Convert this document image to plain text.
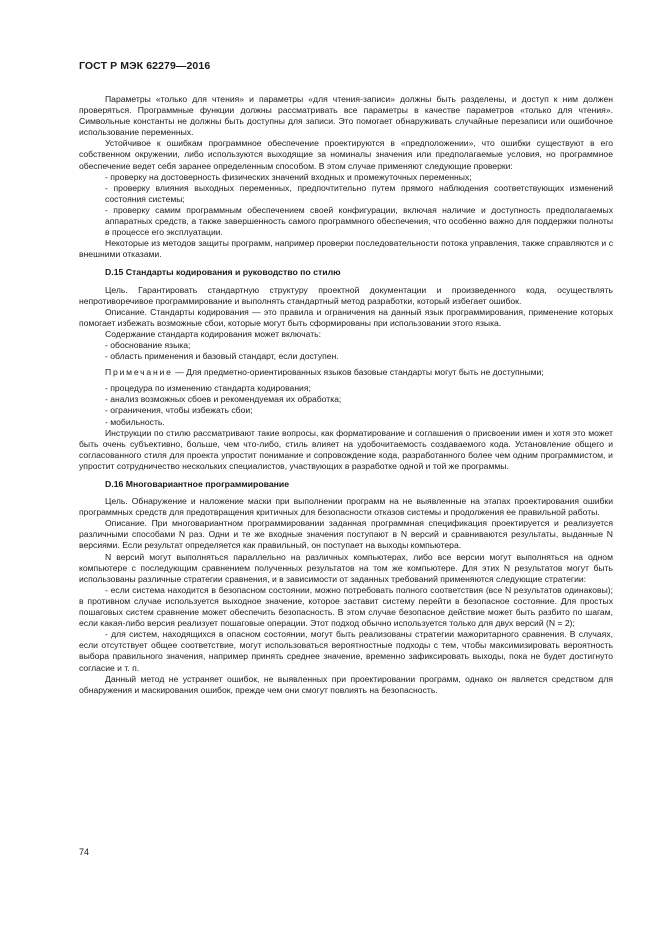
ГОСТ Р МЭК 62279—2016

Параметры «только для чтения» и параметры «для чтения-записи» должны быть разделены, и доступ к ним должен проверяться. Программные функции должны рассматривать все параметры в качестве параметров «только для чтения». Символьные константы не должны быть доступны для записи. Это помогает обнаруживать случайные перезаписи или ошибочное использование переменных.

Устойчивое к ошибкам программное обеспечение проектируются в «предположении», что ошибки существуют в его собственном окружении, либо используются выходящие за номиналы значения или предполагаемые условия, но программное обеспечение ведет себя заранее определенным способом. В этом случае применяют следующие проверки:

- проверку на достоверность физических значений входных и промежуточных переменных;

- проверку влияния выходных переменных, предпочтительно путем прямого наблюдения соответствующих изменений состояния системы;

- проверку самим программным обеспечением своей конфигурации, включая наличие и доступность предполагаемых аппаратных средств, а также завершенность самого программного обеспечения, что особенно важно для поддержки полноты в процессе его эксплуатации.

Некоторые из методов защиты программ, например проверки последовательности потока управления, также справляются и с внешними отказами.

D.15 Стандарты кодирования и руководство по стилю

Цель. Гарантировать стандартную структуру проектной документации и произведенного кода, осуществлять непротиворечивое программирование и выполнять стандартный метод разработки, который избегает ошибок.

Описание. Стандарты кодирования — это правила и ограничения на данный язык программирования, применение которых помогает избежать возможные сбои, которые могут быть сформированы при использовании этого языка.

Содержание стандарта кодирования может включать:

- обоснование языка;

- область применения и базовый стандарт, если доступен.

Примечание — Для предметно-ориентированных языков базовые стандарты могут быть не доступными;

- процедура по изменению стандарта кодирования;

- анализ возможных сбоев и рекомендуемая их обработка;

- ограничения, чтобы избежать сбои;

- мобильность.

Инструкции по стилю рассматривают такие вопросы, как форматирование и соглашения о присвоении имен и хотя это может быть очень субъективно, больше, чем что-либо, стиль влияет на удобочитаемость создаваемого кода. Установление общего и согласованного стиля для проекта упростит понимание и сопровождение кода, разработанного более чем одним программистом, и упростит сотрудничество нескольких специалистов, участвующих в разработке одной и той же программы.

D.16 Многовариантное программирование

Цель. Обнаружение и наложение маски при выполнении программ на не выявленные на этапах проектирования ошибки программных средств для предотвращения критичных для безопасности отказов системы и продолжения ее правильной работы.

Описание. При многовариантном программировании заданная программная спецификация проектируется и реализуется различными способами N раз. Одни и те же входные значения поступают в N версий и сравниваются результаты, выданные N версиями. Если результат определяется как правильный, он поступает на выходы компьютера.

N версий могут выполняться параллельно на различных компьютерах, либо все версии могут выполняться на одном компьютере с последующим сравнением полученных результатов на том же компьютере. Для этих N результатов могут быть использованы различные стратегии сравнения, и в зависимости от заданных требований применяются следующие стратегии:

- если система находится в безопасном состоянии, можно потребовать полного соответствия (все N результатов одинаковы); в противном случае используется выходное значение, которое заставит систему перейти в безопасное состояние. Для простых пошаговых систем сравнение может обеспечить безопасность. В этом случае безопасное действие может быть разбито по шагам, если какая-либо версия реализует пошаговые операции. Этот подход обычно используется только для двух версий (N = 2);

- для систем, находящихся в опасном состоянии, могут быть реализованы стратегии мажоритарного сравнения. В случаях, если отсутствует общее соответствие, могут использоваться вероятностные подходы с тем, чтобы максимизировать вероятность выбора правильного значения, например принять среднее значение, временно зафиксировать выходы, пока не будет достигнуто согласие и т. п.

Данный метод не устраняет ошибок, не выявленных при проектировании программ, однако он является средством для обнаружения и маскирования ошибок, прежде чем они смогут повлиять на безопасность.

74
